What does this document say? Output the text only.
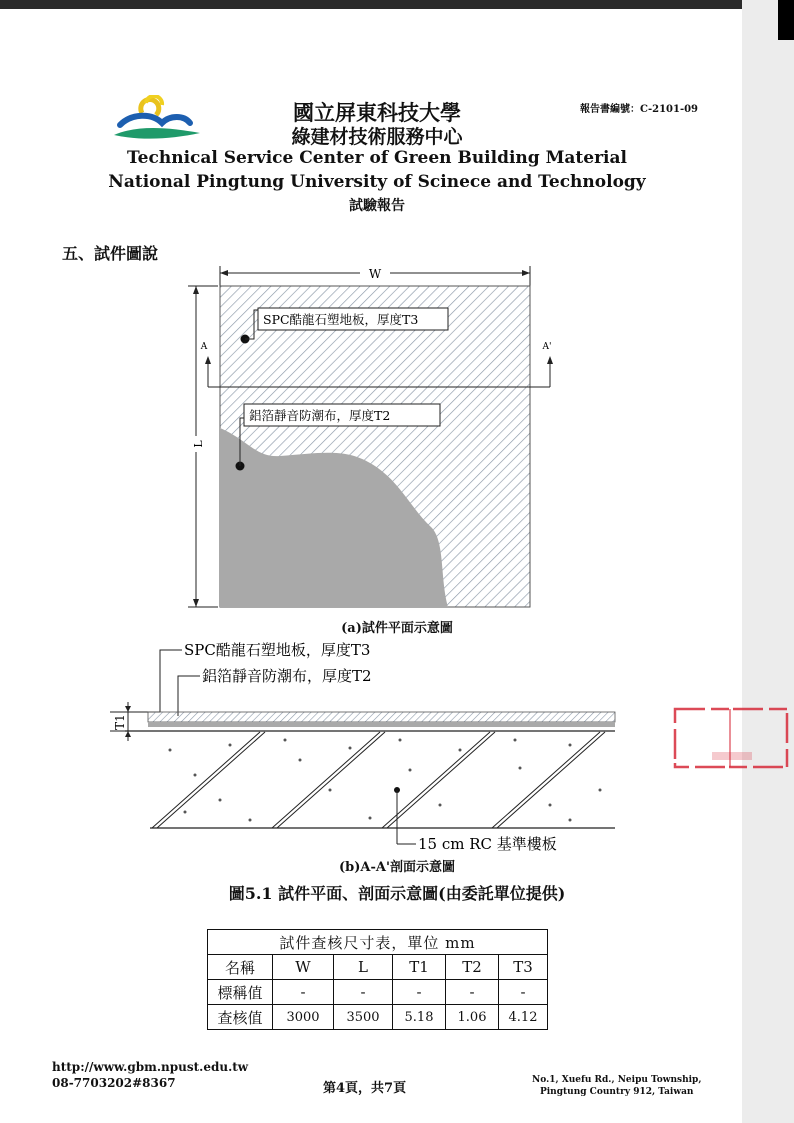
報告書編號：C-2101-09
國立屏東科技大學
綠建材技術服務中心
Technical Service Center of Green Building Material
National Pingtung University of Scinece and Technology
試驗報告
五、試件圖說
W
L
A	A'
SPC酷龍石塑地板，厚度T3
鋁箔靜音防潮布，厚度T2
(a)試件平面示意圖
SPC酷龍石塑地板，厚度T3
鋁箔靜音防潮布，厚度T2
T1
15 cm RC 基準樓板
(b)A-A'剖面示意圖
圖5.1 試件平面、剖面示意圖(由委託單位提供)
試件查核尺寸表，單位 mm					
名稱	W	L	T1	T2	T3
標稱值	-	-	-	-	-
查核值	3000	3500	5.18	1.06	4.12
http://www.gbm.npust.edu.tw
08-7703202#8367	第4頁，共7頁
No.1, Xuefu Rd., Neipu Township,
Pingtung Country 912, Taiwan
